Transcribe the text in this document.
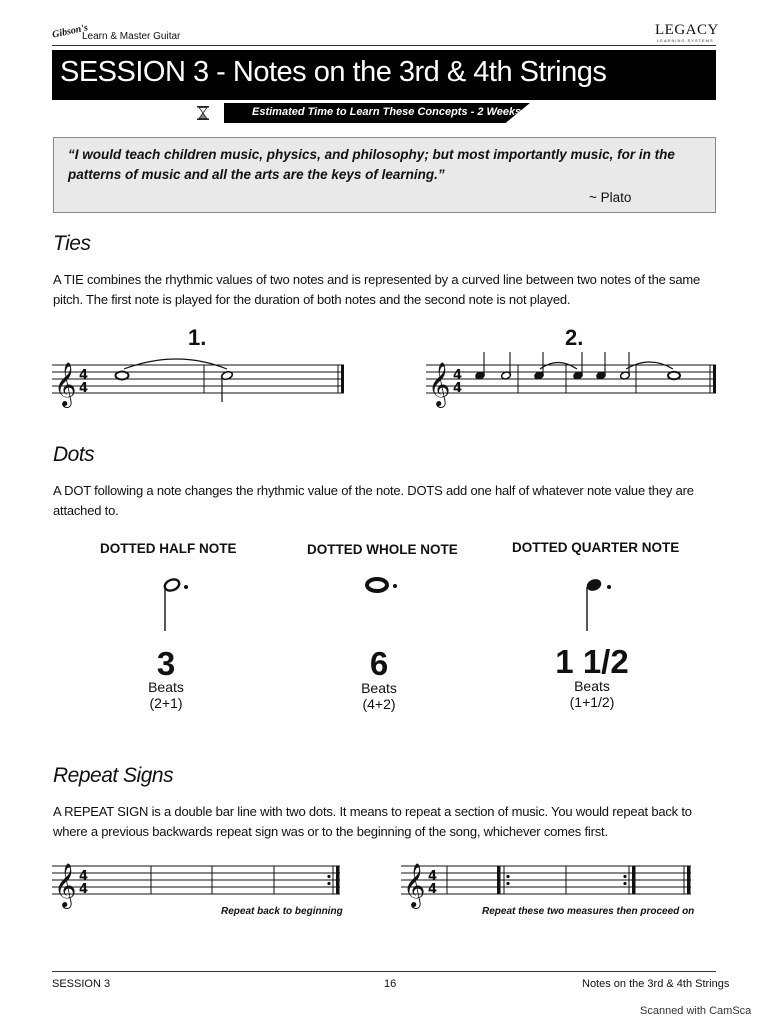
Gibson's
Learn & Master Guitar	LEGACY
LEARNING SYSTEMS
SESSION 3 - Notes on the 3rd & 4th Strings
Estimated Time to Learn These Concepts - 2 Weeks
“I would teach children music, physics, and philosophy; but most importantly music, for in the patterns of music and all the arts are the keys of learning.”
~ Plato
Ties
A TIE combines the rhythmic values of two notes and is represented by a curved line between two notes of the same pitch. The first note is played for the duration of both notes and the second note is not played.
1.	2.
𝄞 4
4	𝄞 4
4
Dots
A DOT following a note changes the rhythmic value of the note. DOTS add one half of whatever note value they are attached to.
DOTTED HALF NOTE	DOTTED WHOLE NOTE	DOTTED QUARTER NOTE
3
Beats
(2+1)
6
Beats
(4+2)
1 1/2
Beats
(1+1/2)
Repeat Signs
A REPEAT SIGN is a double bar line with two dots. It means to repeat a section of music. You would repeat back to where a previous backwards repeat sign was or to the beginning of the song, whichever comes first.
𝄞 4
4
Repeat back to beginning
𝄞 4
4
Repeat these two measures then proceed on
SESSION 3	16	Notes on the 3rd & 4th Strings
Scanned with CamSca
